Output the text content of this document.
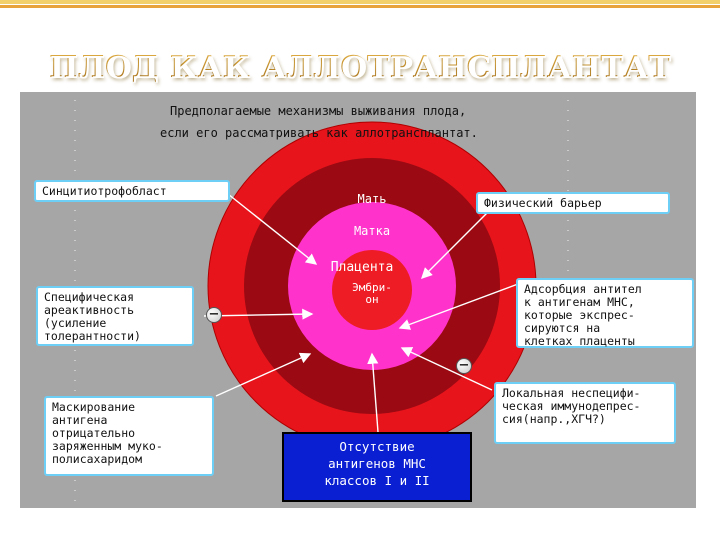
ПЛОД КАК АЛЛОТРАНСПЛАНТАТ
Предполагаемые механизмы выживания плода,
если его рассматривать как аллотрансплантат.
Мать
Матка
Плацента
Эмбри-
он
Синцитиотрофобласт
Физический барьер
Специфическая
ареактивность
(усиление
толерантности)
Адсорбция антител
к антигенам МНС,
которые экспрес-
сируются на
клетках плаценты
Маскирование
антигена
отрицательно
заряженным муко-
полисахаридом
Локальная неспецифи-
ческая иммунодепрес-
сия(напр.,ХГЧ?)
Отсутствие
антигенов МНС
классов I и II
−
−
